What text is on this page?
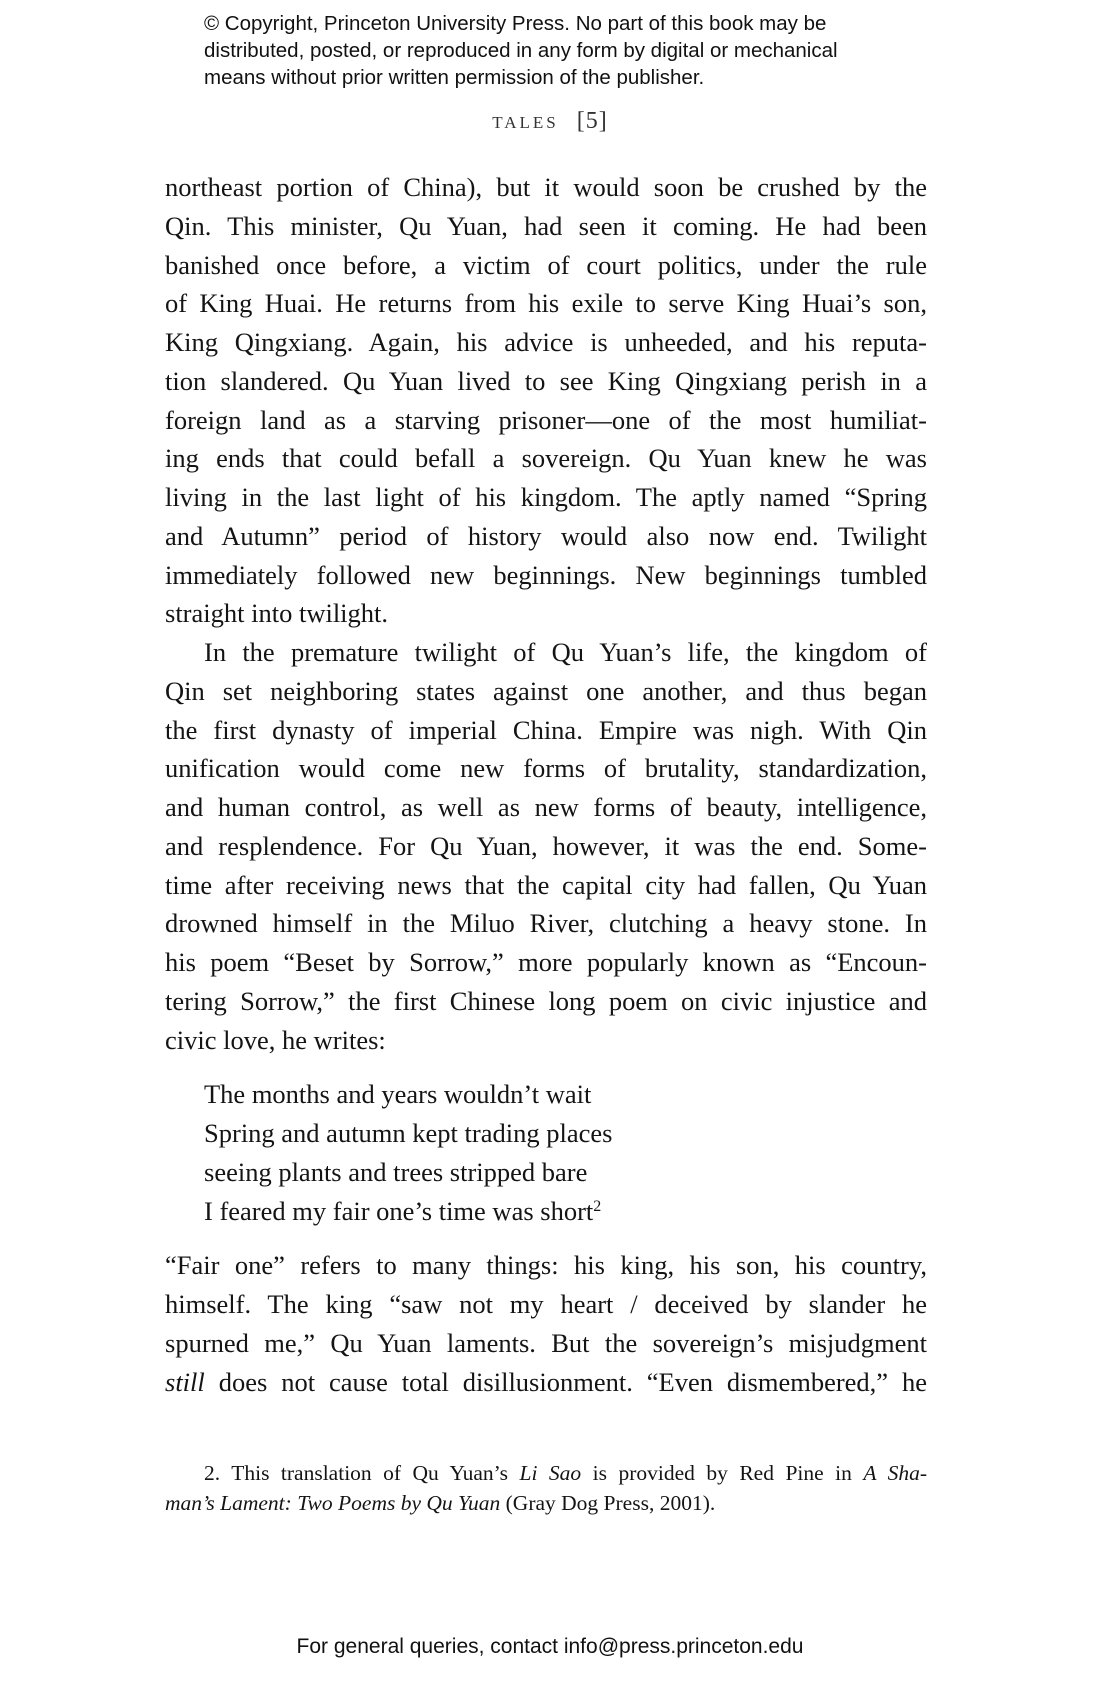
© Copyright, Princeton University Press. No part of this book may be
distributed, posted, or reproduced in any form by digital or mechanical
means without prior written permission of the publisher.
TALES [5]
northeast portion of China), but it would soon be crushed by the
Qin. This minister, Qu Yuan, had seen it coming. He had been
banished once before, a victim of court politics, under the rule
of King Huai. He returns from his exile to serve King Huai’s son,
King Qingxiang. Again, his advice is unheeded, and his reputa-
tion slandered. Qu Yuan lived to see King Qingxiang perish in a
foreign land as a starving prisoner—one of the most humiliat-
ing ends that could befall a sovereign. Qu Yuan knew he was
living in the last light of his kingdom. The aptly named “Spring
and Autumn” period of history would also now end. Twilight
immediately followed new beginnings. New beginnings tumbled
straight into twilight.
In the premature twilight of Qu Yuan’s life, the kingdom of
Qin set neighboring states against one another, and thus began
the first dynasty of imperial China. Empire was nigh. With Qin
unification would come new forms of brutality, standardization,
and human control, as well as new forms of beauty, intelligence,
and resplendence. For Qu Yuan, however, it was the end. Some-
time after receiving news that the capital city had fallen, Qu Yuan
drowned himself in the Miluo River, clutching a heavy stone. In
his poem “Beset by Sorrow,” more popularly known as “Encoun-
tering Sorrow,” the first Chinese long poem on civic injustice and
civic love, he writes:
The months and years wouldn’t wait
Spring and autumn kept trading places
seeing plants and trees stripped bare
I feared my fair one’s time was short$^2$
“Fair one” refers to many things: his king, his son, his country,
himself. The king “saw not my heart / deceived by slander he
spurned me,” Qu Yuan laments. But the sovereign’s misjudgment
still does not cause total disillusionment. “Even dismembered,” he
2. This translation of Qu Yuan’s Li Sao is provided by Red Pine in A Sha-
man’s Lament: Two Poems by Qu Yuan (Gray Dog Press, 2001).
For general queries, contact info@press.princeton.edu
